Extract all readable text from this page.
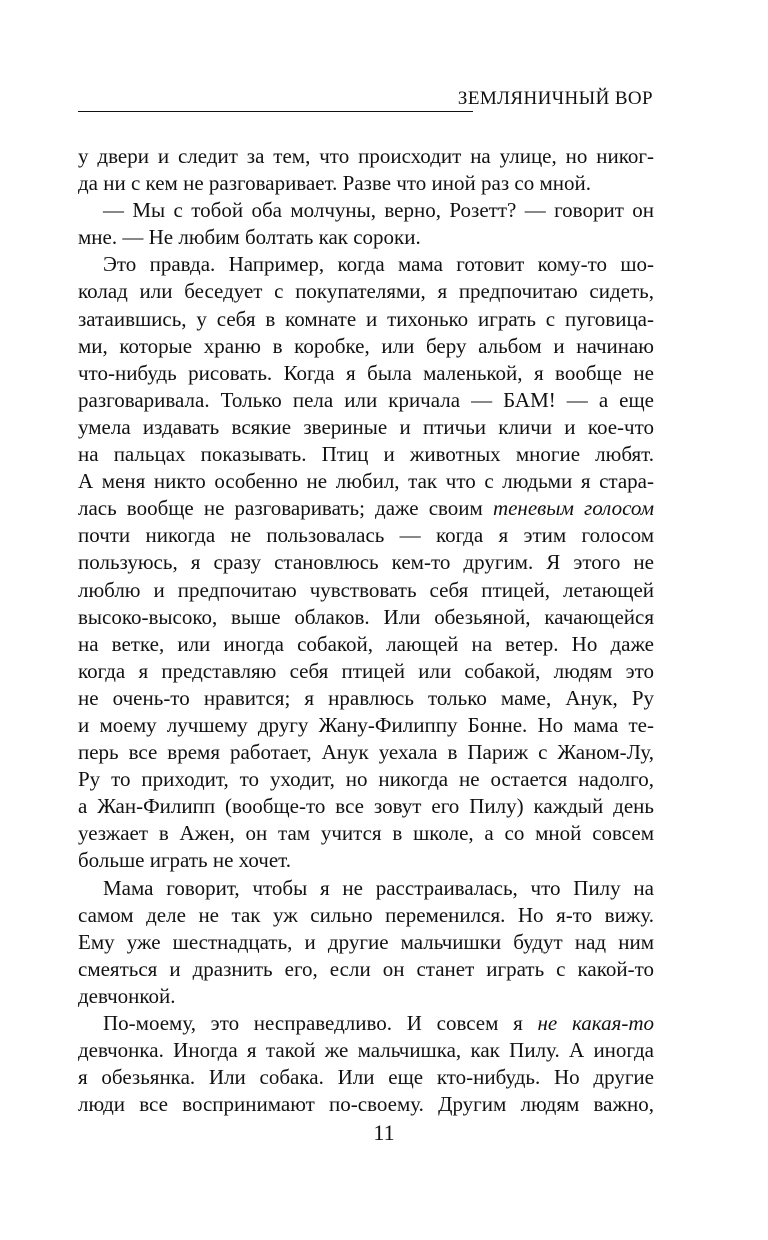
ЗЕМЛЯНИЧНЫЙ ВОР
у двери и следит за тем, что происходит на улице, но никог-
да ни с кем не разговаривает. Разве что иной раз со мной.
— Мы с тобой оба молчуны, верно, Розетт? — говорит он
мне. — Не любим болтать как сороки.
Это правда. Например, когда мама готовит кому-то шо-
колад или беседует с покупателями, я предпочитаю сидеть,
затаившись, у себя в комнате и тихонько играть с пуговица-
ми, которые храню в коробке, или беру альбом и начинаю
что-нибудь рисовать. Когда я была маленькой, я вообще не
разговаривала. Только пела или кричала — БАМ! — а еще
умела издавать всякие звериные и птичьи кличи и кое-что
на пальцах показывать. Птиц и животных многие любят.
А меня никто особенно не любил, так что с людьми я стара-
лась вообще не разговаривать; даже своим теневым голосом
почти никогда не пользовалась — когда я этим голосом
пользуюсь, я сразу становлюсь кем-то другим. Я этого не
люблю и предпочитаю чувствовать себя птицей, летающей
высоко-высоко, выше облаков. Или обезьяной, качающейся
на ветке, или иногда собакой, лающей на ветер. Но даже
когда я представляю себя птицей или собакой, людям это
не очень-то нравится; я нравлюсь только маме, Анук, Ру
и моему лучшему другу Жану-Филиппу Бонне. Но мама те-
перь все время работает, Анук уехала в Париж с Жаном-Лу,
Ру то приходит, то уходит, но никогда не остается надолго,
а Жан-Филипп (вообще-то все зовут его Пилу) каждый день
уезжает в Ажен, он там учится в школе, а со мной совсем
больше играть не хочет.
Мама говорит, чтобы я не расстраивалась, что Пилу на
самом деле не так уж сильно переменился. Но я-то вижу.
Ему уже шестнадцать, и другие мальчишки будут над ним
смеяться и дразнить его, если он станет играть с какой-то
девчонкой.
По-моему, это несправедливо. И совсем я не какая-то
девчонка. Иногда я такой же мальчишка, как Пилу. А иногда
я обезьянка. Или собака. Или еще кто-нибудь. Но другие
люди все воспринимают по-своему. Другим людям важно,
11
